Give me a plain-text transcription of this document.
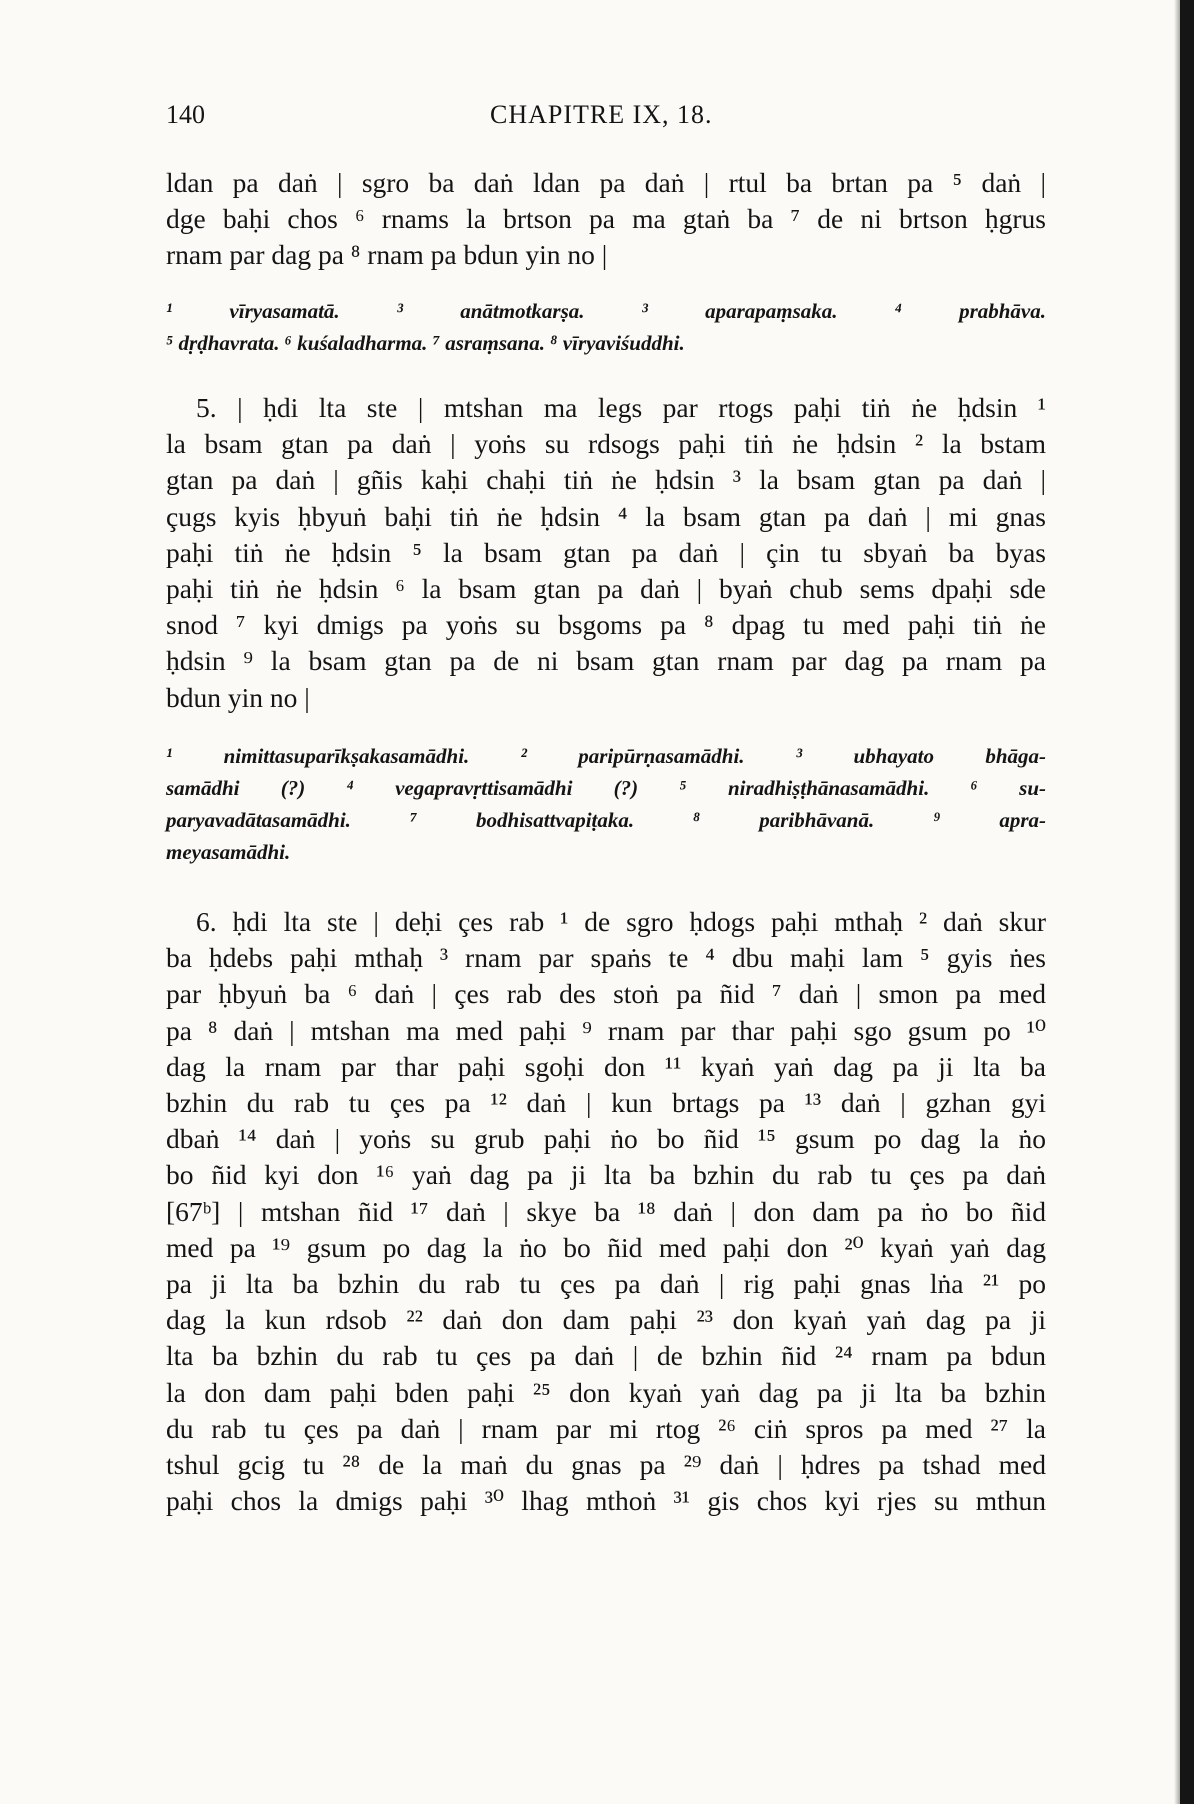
140	CHAPITRE IX, 18.
ldan pa daṅ | sgro ba daṅ ldan pa daṅ | rtul ba brtan pa ⁵ daṅ |
dge baḥi chos ⁶ rnams la brtson pa ma gtaṅ ba ⁷ de ni brtson ḥgrus
rnam par dag pa ⁸ rnam pa bdun yin no |
¹ vīryasamatā. ³ anātmotkarṣa. ³ aparapaṃsaka. ⁴ prabhāva.
⁵ dṛḍhavrata. ⁶ kuśaladharma. ⁷ asraṃsana. ⁸ vīryaviśuddhi.
5. | ḥdi lta ste | mtshan ma legs par rtogs paḥi tiṅ ṅe ḥdsin ¹
la bsam gtan pa daṅ | yoṅs su rdsogs paḥi tiṅ ṅe ḥdsin ² la bstam
gtan pa daṅ | gñis kaḥi chaḥi tiṅ ṅe ḥdsin ³ la bsam gtan pa daṅ |
çugs kyis ḥbyuṅ baḥi tiṅ ṅe ḥdsin ⁴ la bsam gtan pa daṅ | mi gnas
paḥi tiṅ ṅe ḥdsin ⁵ la bsam gtan pa daṅ | çin tu sbyaṅ ba byas
paḥi tiṅ ṅe ḥdsin ⁶ la bsam gtan pa daṅ | byaṅ chub sems dpaḥi sde
snod ⁷ kyi dmigs pa yoṅs su bsgoms pa ⁸ dpag tu med paḥi tiṅ ṅe
ḥdsin ⁹ la bsam gtan pa de ni bsam gtan rnam par dag pa rnam pa
bdun yin no |
¹ nimittasuparīkṣakasamādhi. ² paripūrṇasamādhi. ³ ubhayato bhāga-
samādhi (?) ⁴ vegapravṛttisamādhi (?) ⁵ niradhiṣṭhānasamādhi. ⁶ su-
paryavadātasamādhi. ⁷ bodhisattvapiṭaka. ⁸ paribhāvanā. ⁹ apra-
meyasamādhi.
6. ḥdi lta ste | deḥi çes rab ¹ de sgro ḥdogs paḥi mthaḥ ² daṅ skur
ba ḥdebs paḥi mthaḥ ³ rnam par spaṅs te ⁴ dbu maḥi lam ⁵ gyis ṅes
par ḥbyuṅ ba ⁶ daṅ | çes rab des stoṅ pa ñid ⁷ daṅ | smon pa med
pa ⁸ daṅ | mtshan ma med paḥi ⁹ rnam par thar paḥi sgo gsum po ¹⁰
dag la rnam par thar paḥi sgoḥi don ¹¹ kyaṅ yaṅ dag pa ji lta ba
bzhin du rab tu çes pa ¹² daṅ | kun brtags pa ¹³ daṅ | gzhan gyi
dbaṅ ¹⁴ daṅ | yoṅs su grub paḥi ṅo bo ñid ¹⁵ gsum po dag la ṅo
bo ñid kyi don ¹⁶ yaṅ dag pa ji lta ba bzhin du rab tu çes pa daṅ
[67ᵇ] | mtshan ñid ¹⁷ daṅ | skye ba ¹⁸ daṅ | don dam pa ṅo bo ñid
med pa ¹⁹ gsum po dag la ṅo bo ñid med paḥi don ²⁰ kyaṅ yaṅ dag
pa ji lta ba bzhin du rab tu çes pa daṅ | rig paḥi gnas lṅa ²¹ po
dag la kun rdsob ²² daṅ don dam paḥi ²³ don kyaṅ yaṅ dag pa ji
lta ba bzhin du rab tu çes pa daṅ | de bzhin ñid ²⁴ rnam pa bdun
la don dam paḥi bden paḥi ²⁵ don kyaṅ yaṅ dag pa ji lta ba bzhin
du rab tu çes pa daṅ | rnam par mi rtog ²⁶ ciṅ spros pa med ²⁷ la
tshul gcig tu ²⁸ de la maṅ du gnas pa ²⁹ daṅ | ḥdres pa tshad med
paḥi chos la dmigs paḥi ³⁰ lhag mthoṅ ³¹ gis chos kyi rjes su mthun
